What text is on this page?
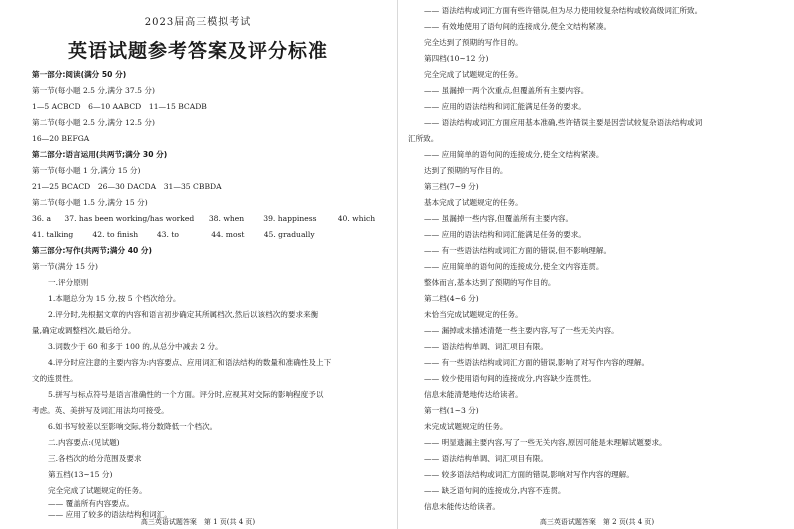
2023届高三模拟考试
英语试题参考答案及评分标准
第一部分:阅读(满分 50 分)
第一节(每小题 2.5 分,满分 37.5 分)
1—5 ACBCD　6—10 AABCD　11—15 BCADB
第二节(每小题 2.5 分,满分 12.5 分)
16—20 BEFGA
第二部分:语言运用(共两节;满分 30 分)
第一节(每小题 1 分,满分 15 分)
21—25 BCACD　26—30 DACDA　31—35 CBBDA
第二节(每小题 1.5 分,满分 15 分)
36. a 37. has been working/has worked 38. when	39. happiness	40. which
41. talking	42. to finish 43. to	44. most	45. gradually
第三部分:写作(共两节;满分 40 分)
第一节(满分 15 分)
一.评分原则
1.本题总分为 15 分,按 5 个档次给分。
2.评分时,先根据文章的内容和语言初步确定其所属档次,然后以该档次的要求来衡
量,确定或调整档次,最后给分。
3.词数少于 60 和多于 100 的,从总分中减去 2 分。
4.评分时应注意的主要内容为:内容要点、应用词汇和语法结构的数量和准确性及上下
文的连贯性。
5.拼写与标点符号是语言准确性的一个方面。评分时,应视其对交际的影响程度予以
考虑。英、美拼写及词汇用法均可接受。
6.如书写较差以至影响交际,将分数降低一个档次。
二.内容要点:(见试题)
三.各档次的给分范围及要求
第五档(13~15 分)
完全完成了试题规定的任务。
—— 覆盖所有内容要点。
—— 应用了较多的语法结构和词汇。
高三英语试题答案　第 1 页(共 4 页)
—— 语法结构或词汇方面有些许错误,但为尽力使用较复杂结构或较高级词汇所致。
—— 有效地使用了语句间的连接成分,使全文结构紧凑。
完全达到了预期的写作目的。
第四档(10~12 分)
完全完成了试题规定的任务。
—— 虽漏掉一两个次重点,但覆盖所有主要内容。
—— 应用的语法结构和词汇能满足任务的要求。
—— 语法结构或词汇方面应用基本准确,些许错误主要是因尝试较复杂语法结构或词
汇所致。
—— 应用简单的语句间的连接成分,使全文结构紧凑。
达到了预期的写作目的。
第三档(7~9 分)
基本完成了试题规定的任务。
—— 虽漏掉一些内容,但覆盖所有主要内容。
—— 应用的语法结构和词汇能满足任务的要求。
—— 有一些语法结构或词汇方面的错误,但不影响理解。
—— 应用简单的语句间的连接成分,使全文内容连贯。
整体而言,基本达到了预期的写作目的。
第二档(4~6 分)
未恰当完成试题规定的任务。
—— 漏掉或未描述清楚一些主要内容,写了一些无关内容。
—— 语法结构单调、词汇项目有限。
—— 有一些语法结构或词汇方面的错误,影响了对写作内容的理解。
—— 较少使用语句间的连接成分,内容缺少连贯性。
信息未能清楚地传达给读者。
第一档(1~3 分)
未完成试题规定的任务。
—— 明显遗漏主要内容,写了一些无关内容,原因可能是未理解试题要求。
—— 语法结构单调、词汇项目有限。
—— 较多语法结构或词汇方面的错误,影响对写作内容的理解。
—— 缺乏语句间的连接成分,内容不连贯。
信息未能传达给读者。
高三英语试题答案　第 2 页(共 4 页)
